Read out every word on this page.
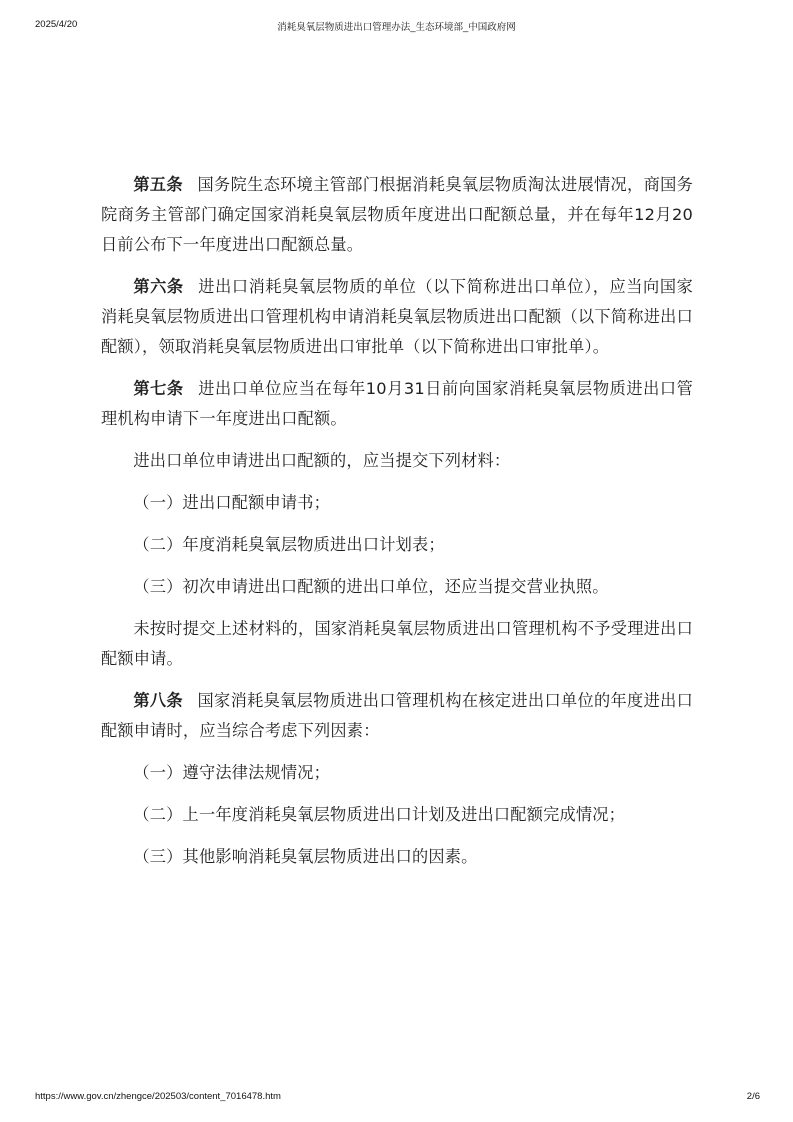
2025/4/20	消耗臭氧层物质进出口管理办法_生态环境部_中国政府网

第五条 国务院生态环境主管部门根据消耗臭氧层物质淘汰进展情况，商国务院商务主管部门确定国家消耗臭氧层物质年度进出口配额总量，并在每年12月20日前公布下一年度进出口配额总量。

第六条 进出口消耗臭氧层物质的单位（以下简称进出口单位），应当向国家消耗臭氧层物质进出口管理机构申请消耗臭氧层物质进出口配额（以下简称进出口配额），领取消耗臭氧层物质进出口审批单（以下简称进出口审批单）。

第七条 进出口单位应当在每年10月31日前向国家消耗臭氧层物质进出口管理机构申请下一年度进出口配额。

进出口单位申请进出口配额的，应当提交下列材料：

（一）进出口配额申请书；

（二）年度消耗臭氧层物质进出口计划表；

（三）初次申请进出口配额的进出口单位，还应当提交营业执照。

未按时提交上述材料的，国家消耗臭氧层物质进出口管理机构不予受理进出口配额申请。

第八条 国家消耗臭氧层物质进出口管理机构在核定进出口单位的年度进出口配额申请时，应当综合考虑下列因素：

（一）遵守法律法规情况；

（二）上一年度消耗臭氧层物质进出口计划及进出口配额完成情况；

（三）其他影响消耗臭氧层物质进出口的因素。

https://www.gov.cn/zhengce/202503/content_7016478.htm	2/6
